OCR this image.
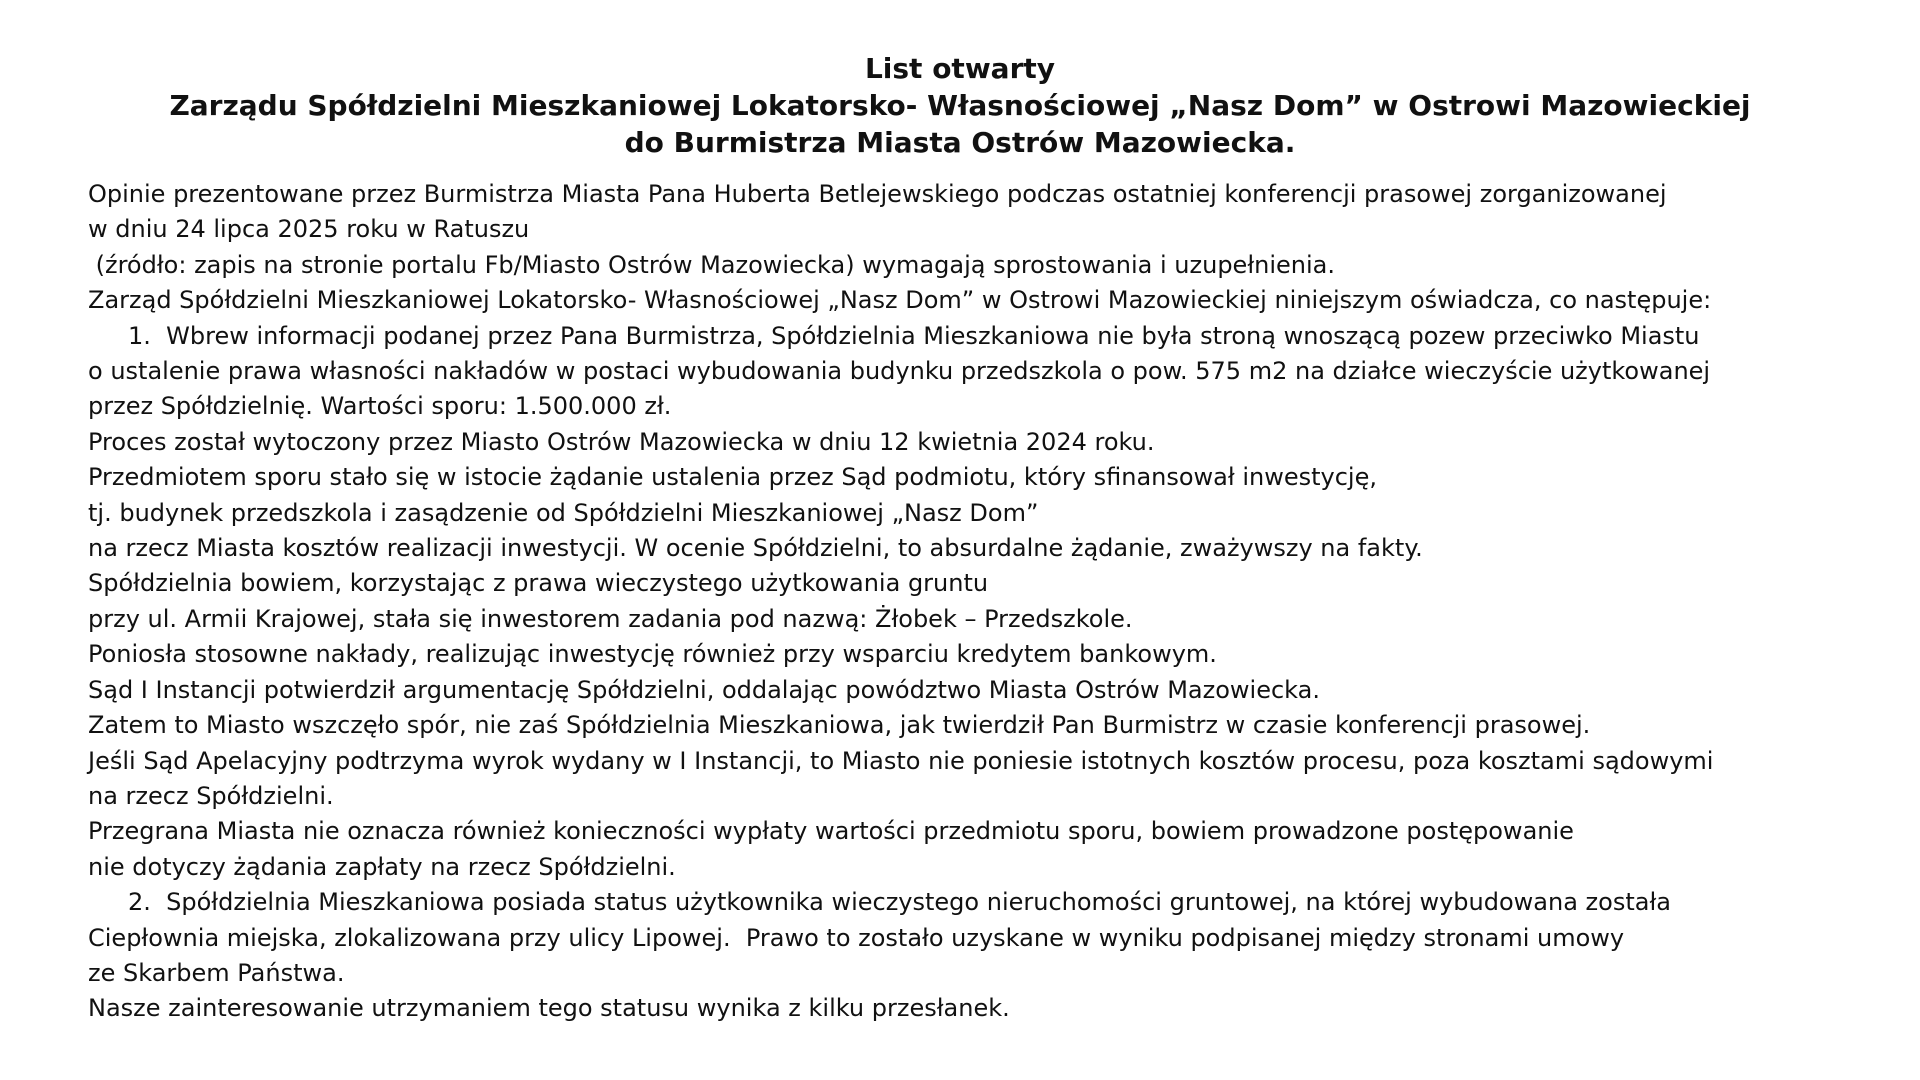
List otwarty
Zarządu Spółdzielni Mieszkaniowej Lokatorsko- Własnościowej „Nasz Dom” w Ostrowi Mazowieckiej
do Burmistrza Miasta Ostrów Mazowiecka.
Opinie prezentowane przez Burmistrza Miasta Pana Huberta Betlejewskiego podczas ostatniej konferencji prasowej zorganizowanej
w dniu 24 lipca 2025 roku w Ratuszu
(źródło: zapis na stronie portalu Fb/Miasto Ostrów Mazowiecka) wymagają sprostowania i uzupełnienia.
Zarząd Spółdzielni Mieszkaniowej Lokatorsko- Własnościowej „Nasz Dom” w Ostrowi Mazowieckiej niniejszym oświadcza, co następuje:
1.  Wbrew informacji podanej przez Pana Burmistrza, Spółdzielnia Mieszkaniowa nie była stroną wnoszącą pozew przeciwko Miastu
o ustalenie prawa własności nakładów w postaci wybudowania budynku przedszkola o pow. 575 m2 na działce wieczyście użytkowanej
przez Spółdzielnię. Wartości sporu: 1.500.000 zł.
Proces został wytoczony przez Miasto Ostrów Mazowiecka w dniu 12 kwietnia 2024 roku.
Przedmiotem sporu stało się w istocie żądanie ustalenia przez Sąd podmiotu, który sfinansował inwestycję,
tj. budynek przedszkola i zasądzenie od Spółdzielni Mieszkaniowej „Nasz Dom”
na rzecz Miasta kosztów realizacji inwestycji. W ocenie Spółdzielni, to absurdalne żądanie, zważywszy na fakty.
Spółdzielnia bowiem, korzystając z prawa wieczystego użytkowania gruntu
przy ul. Armii Krajowej, stała się inwestorem zadania pod nazwą: Żłobek – Przedszkole.
Poniosła stosowne nakłady, realizując inwestycję również przy wsparciu kredytem bankowym.
Sąd I Instancji potwierdził argumentację Spółdzielni, oddalając powództwo Miasta Ostrów Mazowiecka.
Zatem to Miasto wszczęło spór, nie zaś Spółdzielnia Mieszkaniowa, jak twierdził Pan Burmistrz w czasie konferencji prasowej.
Jeśli Sąd Apelacyjny podtrzyma wyrok wydany w I Instancji, to Miasto nie poniesie istotnych kosztów procesu, poza kosztami sądowymi
na rzecz Spółdzielni.
Przegrana Miasta nie oznacza również konieczności wypłaty wartości przedmiotu sporu, bowiem prowadzone postępowanie
nie dotyczy żądania zapłaty na rzecz Spółdzielni.
2.  Spółdzielnia Mieszkaniowa posiada status użytkownika wieczystego nieruchomości gruntowej, na której wybudowana została
Ciepłownia miejska, zlokalizowana przy ulicy Lipowej.  Prawo to zostało uzyskane w wyniku podpisanej między stronami umowy
ze Skarbem Państwa.
Nasze zainteresowanie utrzymaniem tego statusu wynika z kilku przesłanek.
